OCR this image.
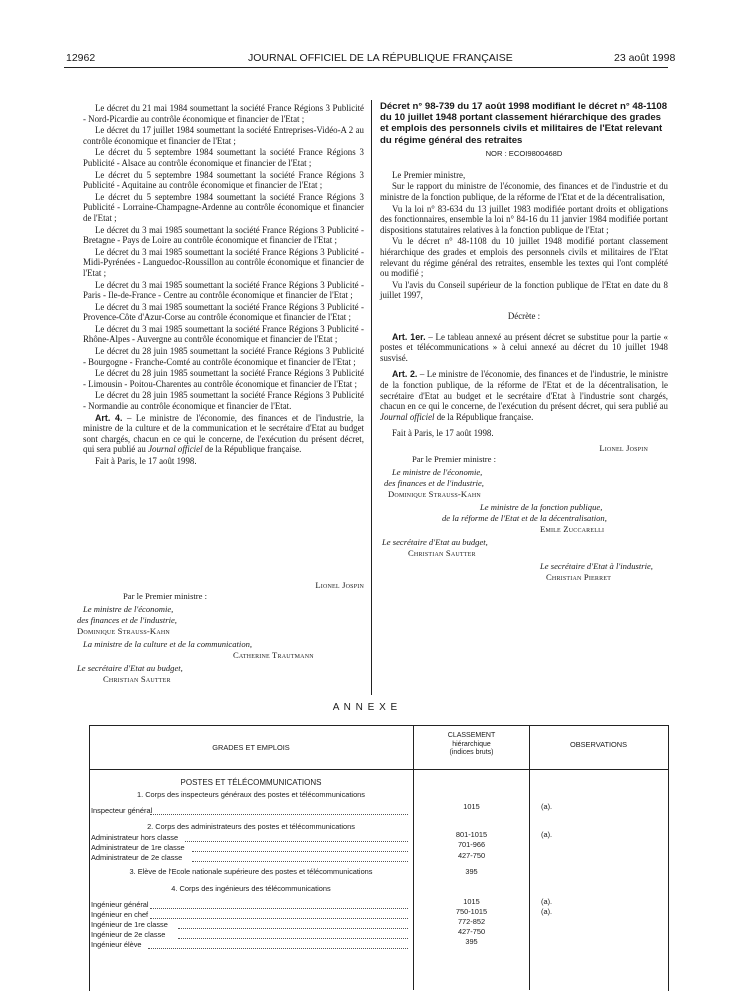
12962	JOURNAL OFFICIEL DE LA RÉPUBLIQUE FRANÇAISE	23 août 1998

Le décret du 21 mai 1984 soumettant la société France Régions 3 Publicité - Nord-Picardie au contrôle économique et financier de l'Etat ;

Le décret du 17 juillet 1984 soumettant la société Entreprises-Vidéo-A 2 au contrôle économique et financier de l'Etat ;

Le décret du 5 septembre 1984 soumettant la société France Régions 3 Publicité - Alsace au contrôle économique et financier de l'Etat ;

Le décret du 5 septembre 1984 soumettant la société France Régions 3 Publicité - Aquitaine au contrôle économique et financier de l'Etat ;

Le décret du 5 septembre 1984 soumettant la société France Régions 3 Publicité - Lorraine-Champagne-Ardenne au contrôle économique et financier de l'Etat ;

Le décret du 3 mai 1985 soumettant la société France Régions 3 Publicité - Bretagne - Pays de Loire au contrôle économique et financier de l'Etat ;

Le décret du 3 mai 1985 soumettant la société France Régions 3 Publicité - Midi-Pyrénées - Languedoc-Roussillon au contrôle économique et financier de l'Etat ;

Le décret du 3 mai 1985 soumettant la société France Régions 3 Publicité - Paris - Ile-de-France - Centre au contrôle économique et financier de l'Etat ;

Le décret du 3 mai 1985 soumettant la société France Régions 3 Publicité - Provence-Côte d'Azur-Corse au contrôle économique et financier de l'Etat ;

Le décret du 3 mai 1985 soumettant la société France Régions 3 Publicité - Rhône-Alpes - Auvergne au contrôle économique et financier de l'Etat ;

Le décret du 28 juin 1985 soumettant la société France Régions 3 Publicité - Bourgogne - Franche-Comté au contrôle économique et financier de l'Etat ;

Le décret du 28 juin 1985 soumettant la société France Régions 3 Publicité - Limousin - Poitou-Charentes au contrôle économique et financier de l'Etat ;

Le décret du 28 juin 1985 soumettant la société France Régions 3 Publicité - Normandie au contrôle économique et financier de l'Etat.

Art. 4. – Le ministre de l'économie, des finances et de l'industrie, la ministre de la culture et de la communication et le secrétaire d'Etat au budget sont chargés, chacun en ce qui le concerne, de l'exécution du présent décret, qui sera publié au Journal officiel de la République française.

Fait à Paris, le 17 août 1998.

Lionel Jospin
Par le Premier ministre :
Le ministre de l'économie,
des finances et de l'industrie,
Dominique Strauss-Kahn
La ministre de la culture et de la communication,
Catherine Trautmann
Le secrétaire d'Etat au budget,
Christian Sautter
Décret n° 98-739 du 17 août 1998 modifiant le décret n° 48-1108 du 10 juillet 1948 portant classement hiérarchique des grades et emplois des personnels civils et militaires de l'Etat relevant du régime général des retraites
NOR : ECOI9800468D

Le Premier ministre,

Sur le rapport du ministre de l'économie, des finances et de l'industrie et du ministre de la fonction publique, de la réforme de l'Etat et de la décentralisation,

Vu la loi n° 83-634 du 13 juillet 1983 modifiée portant droits et obligations des fonctionnaires, ensemble la loi n° 84-16 du 11 janvier 1984 modifiée portant dispositions statutaires relatives à la fonction publique de l'Etat ;

Vu le décret n° 48-1108 du 10 juillet 1948 modifié portant classement hiérarchique des grades et emplois des personnels civils et militaires de l'Etat relevant du régime général des retraites, ensemble les textes qui l'ont complété ou modifié ;

Vu l'avis du Conseil supérieur de la fonction publique de l'Etat en date du 8 juillet 1997,

Décrète :

Art. 1er. – Le tableau annexé au présent décret se substitue pour la partie « postes et télécommunications » à celui annexé au décret du 10 juillet 1948 susvisé.

Art. 2. – Le ministre de l'économie, des finances et de l'industrie, le ministre de la fonction publique, de la réforme de l'Etat et de la décentralisation, le secrétaire d'Etat au budget et le secrétaire d'Etat à l'industrie sont chargés, chacun en ce qui le concerne, de l'exécution du présent décret, qui sera publié au Journal officiel de la République française.

Fait à Paris, le 17 août 1998.

Lionel Jospin
Par le Premier ministre :
Le ministre de l'économie,
des finances et de l'industrie,
Dominique Strauss-Kahn
Le ministre de la fonction publique,
de la réforme de l'Etat et de la décentralisation,
Emile Zuccarelli
Le secrétaire d'Etat au budget,
Christian Sautter
Le secrétaire d'Etat à l'industrie,
Christian Pierret
A N N E X E
GRADES ET EMPLOIS
CLASSEMENT
hiérarchique
(indices bruts)
OBSERVATIONS
POSTES ET TÉLÉCOMMUNICATIONS
1. Corps des inspecteurs généraux des postes et télécommunications
Inspecteur général	1015	(a).
2. Corps des administrateurs des postes et télécommunications
Administrateur hors classe	801-1015	(a).
Administrateur de 1re classe	701-966
Administrateur de 2e classe	427-750
3. Elève de l'Ecole nationale supérieure des postes et télécommunications	395
4. Corps des ingénieurs des télécommunications
Ingénieur général	1015	(a).
Ingénieur en chef	750-1015	(a).
Ingénieur de 1re classe	772-852
Ingénieur de 2e classe	427-750
Ingénieur élève	395
